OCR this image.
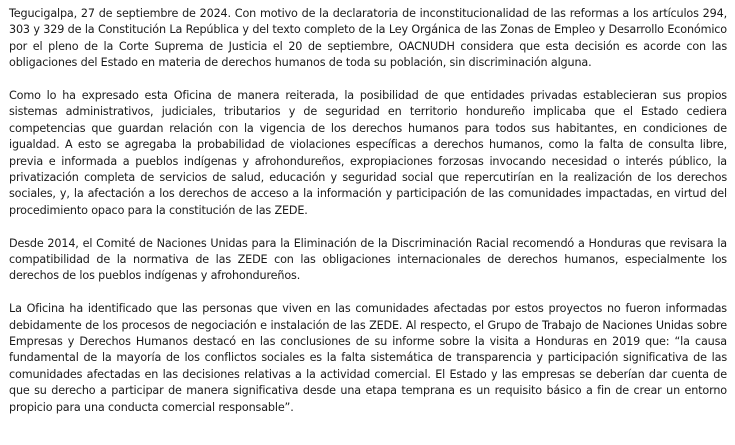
Tegucigalpa, 27 de septiembre de 2024. Con motivo de la declaratoria de inconstitucionalidad de las reformas a los artículos 294, 303 y 329 de la Constitución La República y del texto completo de la Ley Orgánica de las Zonas de Empleo y Desarrollo Económico por el pleno de la Corte Suprema de Justicia el 20 de septiembre, OACNUDH considera que esta decisión es acorde con las obligaciones del Estado en materia de derechos humanos de toda su población, sin discriminación alguna.

Como lo ha expresado esta Oficina de manera reiterada, la posibilidad de que entidades privadas establecieran sus propios sistemas administrativos, judiciales, tributarios y de seguridad en territorio hondureño implicaba que el Estado cediera competencias que guardan relación con la vigencia de los derechos humanos para todos sus habitantes, en condiciones de igualdad. A esto se agregaba la probabilidad de violaciones específicas a derechos humanos, como la falta de consulta libre, previa e informada a pueblos indígenas y afrohondureños, expropiaciones forzosas invocando necesidad o interés público, la privatización completa de servicios de salud, educación y seguridad social que repercutirían en la realización de los derechos sociales, y, la afectación a los derechos de acceso a la información y participación de las comunidades impactadas, en virtud del procedimiento opaco para la constitución de las ZEDE.

Desde 2014, el Comité de Naciones Unidas para la Eliminación de la Discriminación Racial recomendó a Honduras que revisara la compatibilidad de la normativa de las ZEDE con las obligaciones internacionales de derechos humanos, especialmente los derechos de los pueblos indígenas y afrohondureños.

La Oficina ha identificado que las personas que viven en las comunidades afectadas por estos proyectos no fueron informadas debidamente de los procesos de negociación e instalación de las ZEDE. Al respecto, el Grupo de Trabajo de Naciones Unidas sobre Empresas y Derechos Humanos destacó en las conclusiones de su informe sobre la visita a Honduras en 2019 que: “la causa fundamental de la mayoría de los conflictos sociales es la falta sistemática de transparencia y participación significativa de las comunidades afectadas en las decisiones relativas a la actividad comercial. El Estado y las empresas se deberían dar cuenta de que su derecho a participar de manera significativa desde una etapa temprana es un requisito básico a fin de crear un entorno propicio para una conducta comercial responsable”.
